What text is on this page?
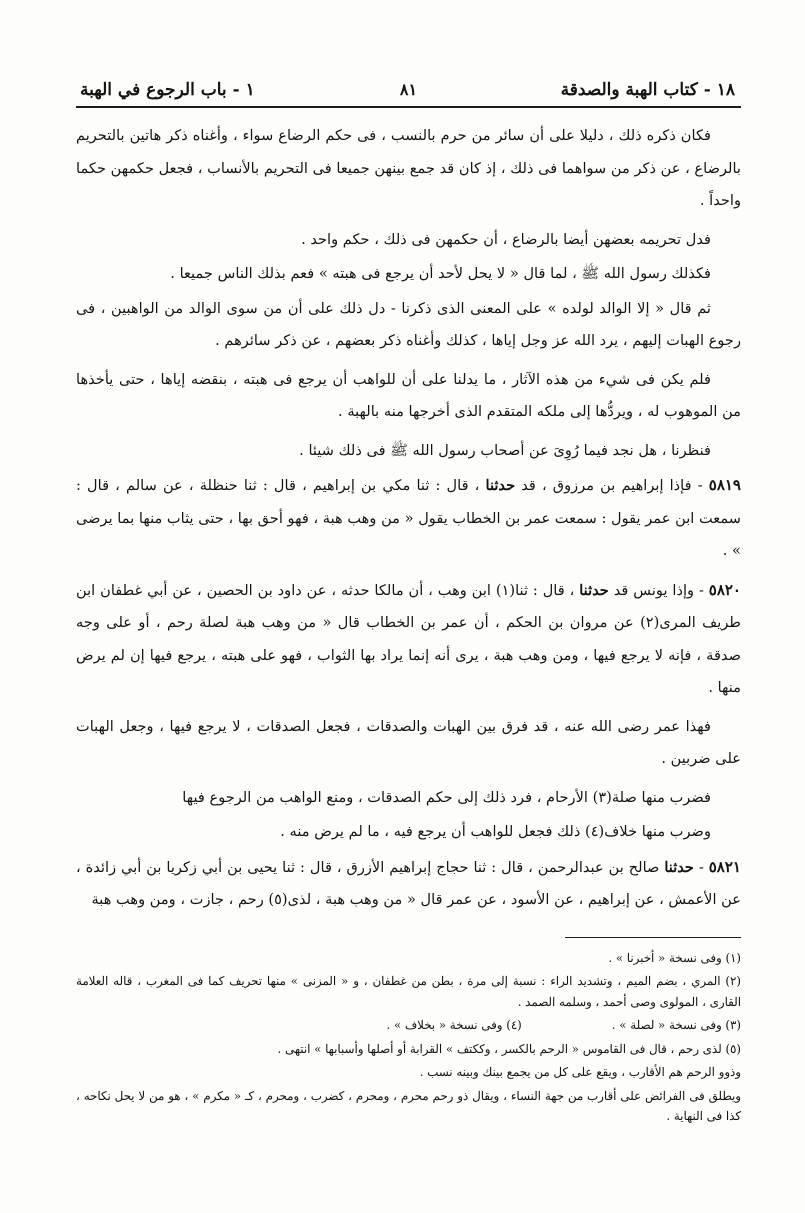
١٨ - كتاب الهبة والصدقة
٨١
١ - باب الرجوع في الهبة

فكان ذكره ذلك ، دليلا على أن سائر من حرم بالنسب ، فى حكم الرضاع سواء ، وأغناه ذكر هاتين بالتحريم بالرضاع ، عن ذكر من سواهما فى ذلك ، إذ كان قد جمع بينهن جميعا فى التحريم بالأنساب ، فجعل حكمهن حكما واحداً .

فدل تحريمه بعضهن أيضا بالرضاع ، أن حكمهن فى ذلك ، حكم واحد .

فكذلك رسول الله ﷺ ، لما قال « لا يحل لأحد أن يرجع فى هبته » فعم بذلك الناس جميعا .

ثم قال « إلا الوالد لولده » على المعنى الذى ذكرنا - دل ذلك على أن من سوى الوالد من الواهبين ، فى رجوع الهبات إليهم ، يرد الله عز وجل إياها ، كذلك وأغناه ذكر بعضهم ، عن ذكر سائرهم .

فلم يكن فى شيء من هذه الآثار ، ما يدلنا على أن للواهب أن يرجع فى هبته ، بنقضه إياها ، حتى يأخذها من الموهوب له ، ويردُّها إلى ملكه المتقدم الذى أخرجها منه بالهبة .

فنظرنا ، هل نجد فيما رُوِىَ عن أصحاب رسول الله ﷺ فى ذلك شيئا .

٥٨١٩ - فإذا إبراهيم بن مرزوق ، قد حدثنا ، قال : ثنا مكي بن إبراهيم ، قال : ثنا حنظلة ، عن سالم ، قال : سمعت ابن عمر يقول : سمعت عمر بن الخطاب يقول « من وهب هبة ، فهو أحق بها ، حتى يثاب منها بما يرضى » .

٥٨٢٠ - وإذا يونس قد حدثنا ، قال : ثنا(١) ابن وهب ، أن مالكا حدثه ، عن داود بن الحصين ، عن أبي غطفان ابن طريف المرى(٢) عن مروان بن الحكم ، أن عمر بن الخطاب قال « من وهب هبة لصلة رحم ، أو على وجه صدقة ، فإنه لا يرجع فيها ، ومن وهب هبة ، يرى أنه إنما يراد بها الثواب ، فهو على هبته ، يرجع فيها إن لم يرض منها .

فهذا عمر رضى الله عنه ، قد فرق بين الهبات والصدقات ، فجعل الصدقات ، لا يرجع فيها ، وجعل الهبات على ضربين .

فضرب منها صلة(٣) الأرحام ، فرد ذلك إلى حكم الصدقات ، ومنع الواهب من الرجوع فيها

وضرب منها خلاف(٤) ذلك فجعل للواهب أن يرجع فيه ، ما لم يرض منه .

٥٨٢١ - حدثنا صالح بن عبدالرحمن ، قال : ثنا حجاج إبراهيم الأزرق ، قال : ثنا يحيى بن أبي زكريا بن أبي زائدة ، عن الأعمش ، عن إبراهيم ، عن الأسود ، عن عمر قال « من وهب هبة ، لذى(٥) رحم ، جازت ، ومن وهب هبة

(١) وفى نسخة « أخبرنا » .

(٢) المري ، بضم الميم ، وتشديد الراء : نسبة إلى مرة ، بطن من غطفان ، و « المزنى » منها تحريف كما فى المغرب ، قاله العلامة القارى ، المولوى وصى أحمد ، وسلمه الصمد .

(٣) وفى نسخة « لصلة » .
(٤) وفى نسخة « بخلاف » .

(٥) لذى رحم ، قال فى القاموس « الرحم بالكسر ، وككتف » القرابة أو أصلها وأسبابها » انتهى .

وذوو الرحم هم الأقارب ، ويقع على كل من يجمع بينك وبينه نسب .

ويطلق فى الفرائض على أقارب من جهة النساء ، ويقال ذو رحم محرم ، ومحرم ، كضرب ، ومحرم ، كـ « مكرم » ، هو من لا يحل نكاحه ، كذا فى النهاية .
